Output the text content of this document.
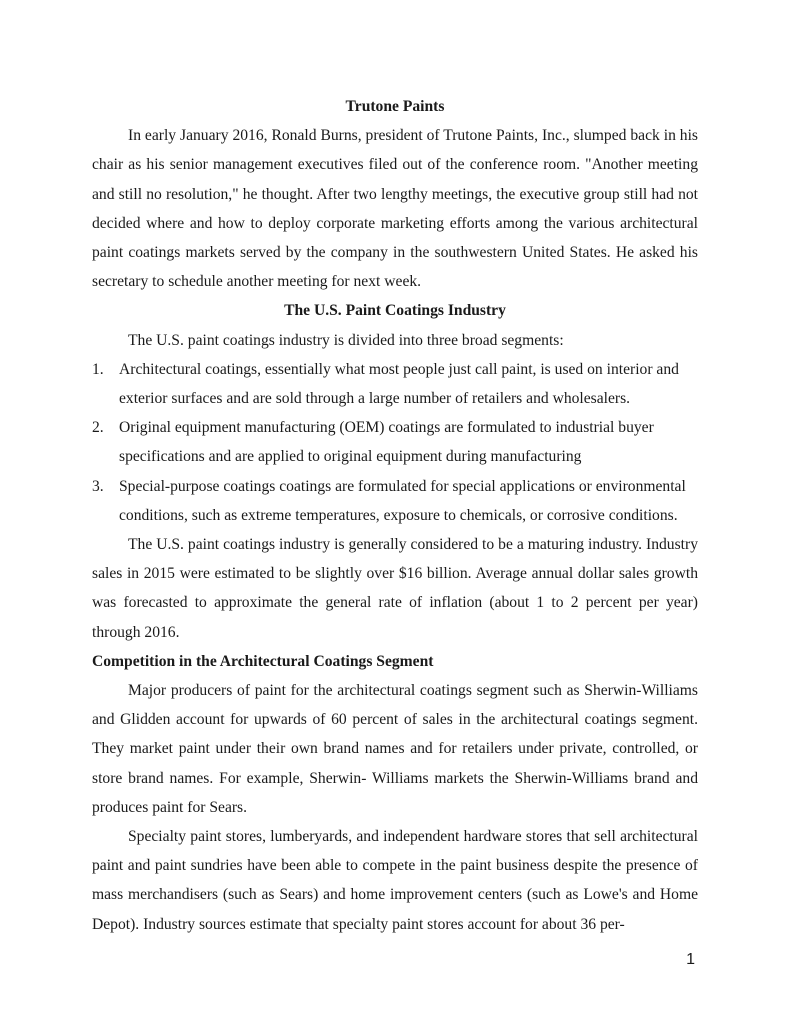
Trutone Paints

In early January 2016, Ronald Burns, president of Trutone Paints, Inc., slumped back in his chair as his senior management executives filed out of the conference room. "Another meeting and still no resolution," he thought. After two lengthy meetings, the executive group still had not decided where and how to deploy corporate marketing efforts among the various architectural paint coatings markets served by the company in the southwestern United States. He asked his secretary to schedule another meeting for next week.

The U.S. Paint Coatings Industry

The U.S. paint coatings industry is divided into three broad segments:

1. Architectural coatings, essentially what most people just call paint, is used on interior and exterior surfaces and are sold through a large number of retailers and wholesalers.
2. Original equipment manufacturing (OEM) coatings are formulated to industrial buyer specifications and are applied to original equipment during manufacturing
3. Special-purpose coatings coatings are formulated for special applications or environmental conditions, such as extreme temperatures, exposure to chemicals, or corrosive conditions.

The U.S. paint coatings industry is generally considered to be a maturing industry. Industry sales in 2015 were estimated to be slightly over $16 billion. Average annual dollar sales growth was forecasted to approximate the general rate of inflation (about 1 to 2 percent per year) through 2016.

Competition in the Architectural Coatings Segment

Major producers of paint for the architectural coatings segment such as Sherwin-Williams and Glidden account for upwards of 60 percent of sales in the architectural coatings segment. They market paint under their own brand names and for retailers under private, controlled, or store brand names. For example, Sherwin- Williams markets the Sherwin-Williams brand and produces paint for Sears.

Specialty paint stores, lumberyards, and independent hardware stores that sell architectural paint and paint sundries have been able to compete in the paint business despite the presence of mass merchandisers (such as Sears) and home improvement centers (such as Lowe's and Home Depot). Industry sources estimate that specialty paint stores account for about 36 per-

1
